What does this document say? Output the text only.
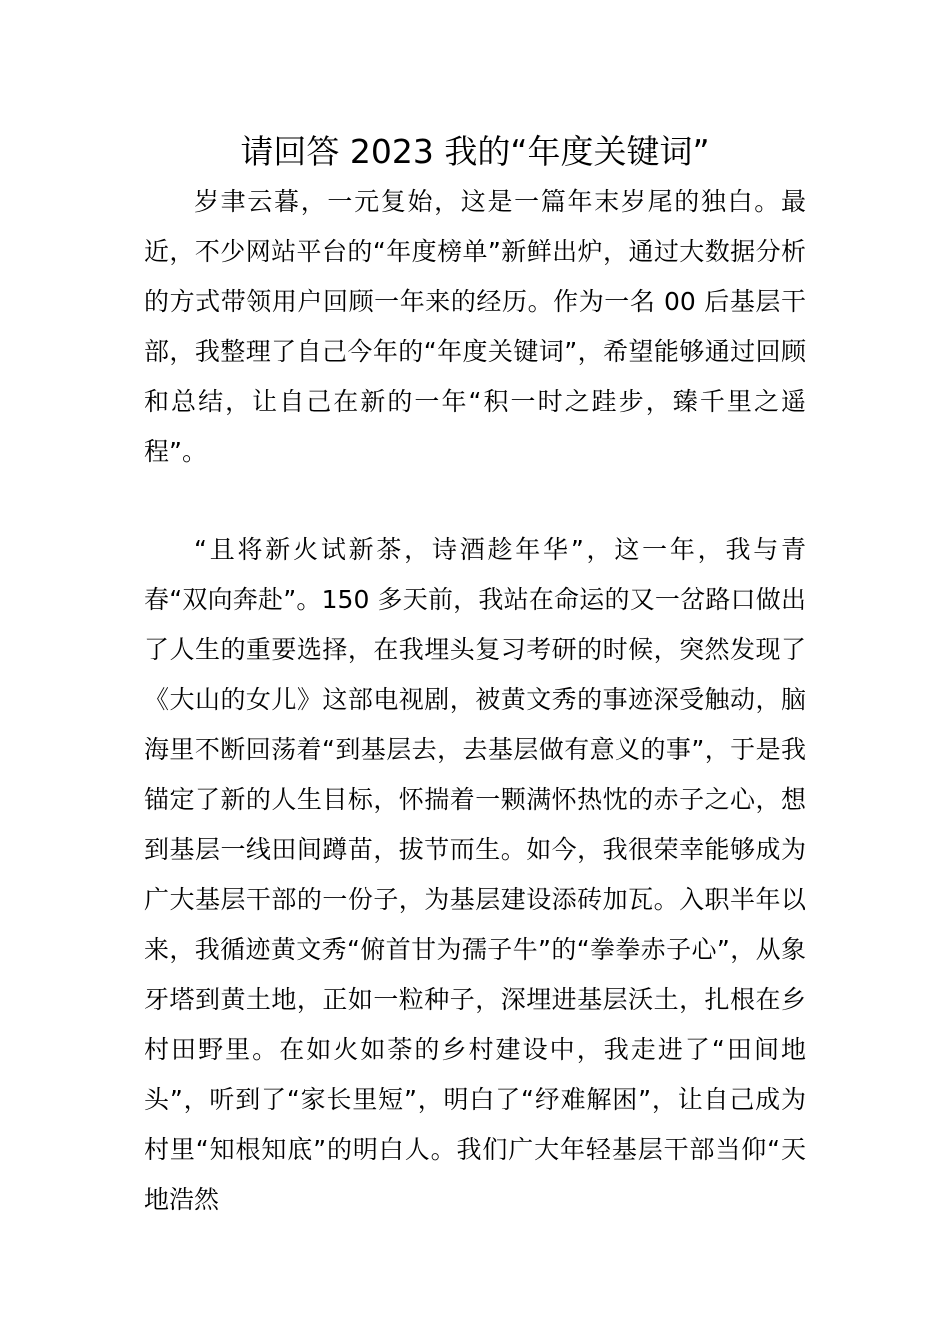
请回答 2023 我的“年度关键词”

岁聿云暮，一元复始，这是一篇年末岁尾的独白。最近，不少网站平台的“年度榜单”新鲜出炉，通过大数据分析的方式带领用户回顾一年来的经历。作为一名 00 后基层干部，我整理了自己今年的“年度关键词”，希望能够通过回顾和总结，让自己在新的一年“积一时之跬步，臻千里之遥程”。

“且将新火试新茶，诗酒趁年华”，这一年，我与青春“双向奔赴”。150 多天前，我站在命运的又一岔路口做出了人生的重要选择，在我埋头复习考研的时候，突然发现了《大山的女儿》这部电视剧，被黄文秀的事迹深受触动，脑海里不断回荡着“到基层去，去基层做有意义的事”，于是我锚定了新的人生目标，怀揣着一颗满怀热忱的赤子之心，想到基层一线田间蹲苗，拔节而生。如今，我很荣幸能够成为广大基层干部的一份子，为基层建设添砖加瓦。入职半年以来，我循迹黄文秀“俯首甘为孺子牛”的“拳拳赤子心”，从象牙塔到黄土地，正如一粒种子，深埋进基层沃土，扎根在乡村田野里。在如火如荼的乡村建设中，我走进了“田间地头”，听到了“家长里短”，明白了“纾难解困”，让自己成为村里“知根知底”的明白人。我们广大年轻基层干部当仰“天地浩然
